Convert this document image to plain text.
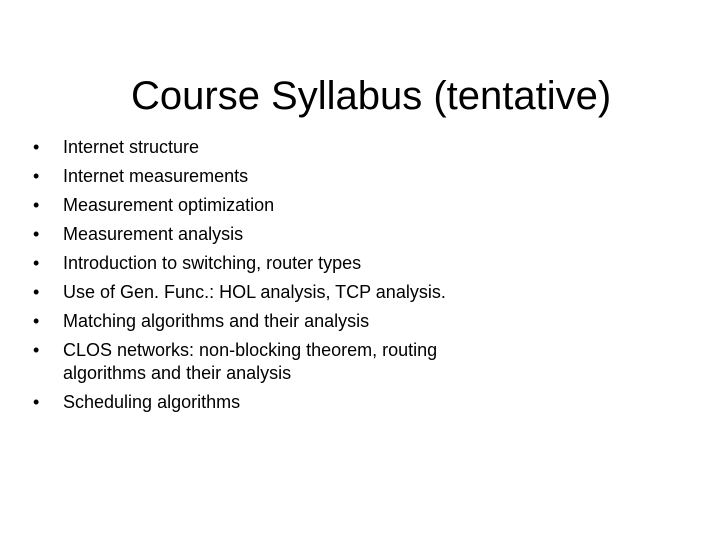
Course Syllabus (tentative)
• Internet structure
• Internet measurements
• Measurement optimization
• Measurement analysis
• Introduction to switching, router types
• Use of Gen. Func.: HOL analysis, TCP analysis.
• Matching algorithms and their analysis
• CLOS networks: non-blocking theorem, routing algorithms and their analysis
• Scheduling algorithms
